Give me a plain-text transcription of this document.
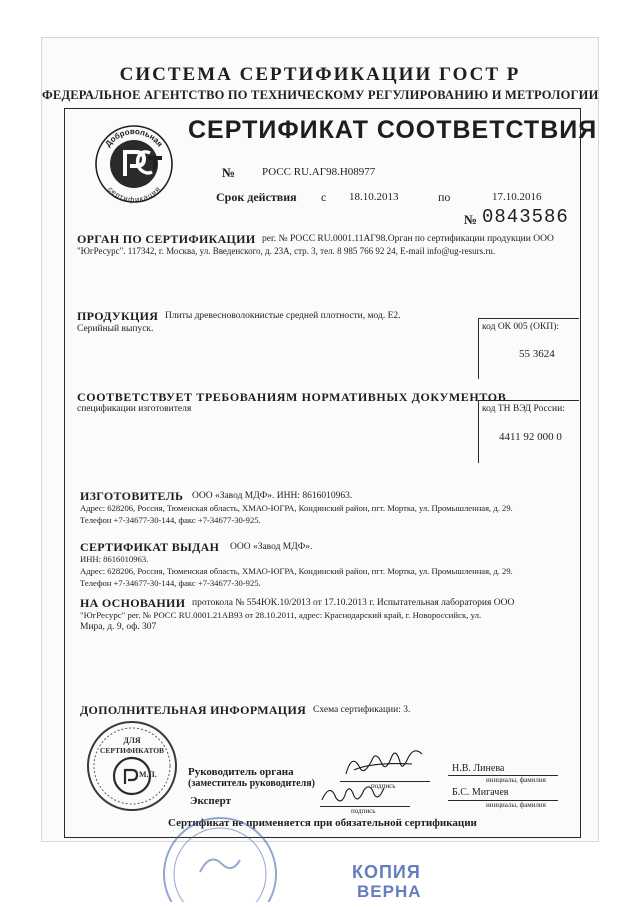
СИСТЕМА СЕРТИФИКАЦИИ ГОСТ Р
ФЕДЕРАЛЬНОЕ АГЕНТСТВО ПО ТЕХНИЧЕСКОМУ РЕГУЛИРОВАНИЮ И МЕТРОЛОГИИ
Добровольная
сертификация
СЕРТИФИКАТ СООТВЕТСТВИЯ
№ РОСС RU.АГ98.Н08977
Срок действия с 18.10.2013	по	17.10.2016
№ 0843586
ОРГАН ПО СЕРТИФИКАЦИИ рег. № РОСС RU.0001.11АГ98.Орган по сертификации продукции ООО
"ЮгРесурс". 117342, г. Москва, ул. Введенского, д. 23А, стр. 3, тел. 8 985 766 92 24, E-mail info@ug-resurs.ru.
ПРОДУКЦИЯ Плиты древесноволокнистые средней плотности, мод. Е2.
Серийный выпуск.	код ОК 005 (ОКП):
55 3624
СООТВЕТСТВУЕТ ТРЕБОВАНИЯМ НОРМАТИВНЫХ ДОКУМЕНТОВ
спецификации изготовителя	код ТН ВЭД России:
4411 92 000 0
ИЗГОТОВИТЕЛЬ ООО «Завод МДФ». ИНН: 8616010963.
Адрес: 628206, Россия, Тюменская область, ХМАО-ЮГРА, Кондинский район, пгт. Мортка, ул. Промышленная, д. 29.
Телефон +7-34677-30-144, факс +7-34677-30-925.
СЕРТИФИКАТ ВЫДАН ООО «Завод МДФ».
ИНН: 8616010963.
Адрес: 628206, Россия, Тюменская область, ХМАО-ЮГРА, Кондинский район, пгт. Мортка, ул. Промышленная, д. 29.
Телефон +7-34677-30-144, факс +7-34677-30-925.
НА ОСНОВАНИИ протокола № 554ЮК.10/2013 от 17.10.2013 г. Испытательная лаборатория ООО
"ЮгРесурс" рег. № РОСС RU.0001.21АВ93 от 28.10.2011, адрес: Краснодарский край, г. Новороссийск, ул.
Мира, д. 9, оф. 307
ДОПОЛНИТЕЛЬНАЯ ИНФОРМАЦИЯ Схема сертификации: 3.
ДЛЯ
СЕРТИФИКАТОВ
М.П.	Руководитель органа
(заместитель руководителя)	подпись
Н.В. Линева
инициалы, фамилия
Эксперт
подпись
Б.С. Мигачев
инициалы, фамилия
Сертификат не применяется при обязательной сертификации
КОПИЯ
ВЕРНА
